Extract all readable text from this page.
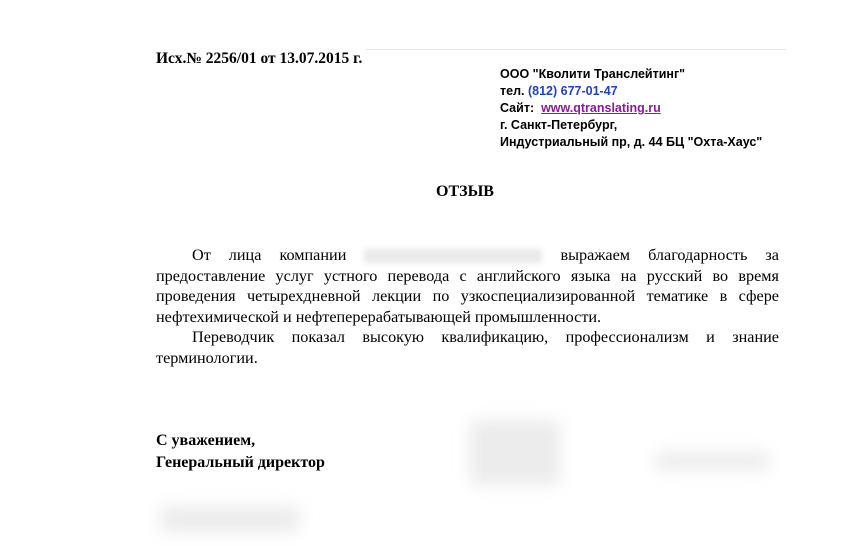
Исх.№ 2256/01 от 13.07.2015 г.
ООО "Кволити Транслейтинг"
тел. (812) 677-01-47
Сайт: www.qtranslating.ru
г. Санкт-Петербург,
Индустриальный пр, д. 44 БЦ "Охта-Хаус"
ОТЗЫВ

От лица компании	выражаем благодарность за предоставление услуг устного перевода с английского языка на русский во время проведения четырехдневной лекции по узкоспециализированной тематике в сфере нефтехимической и нефтеперерабатывающей промышленности.

Переводчик показал высокую квалификацию, профессионализм и знание терминологии.

С уважением,
Генеральный директор
